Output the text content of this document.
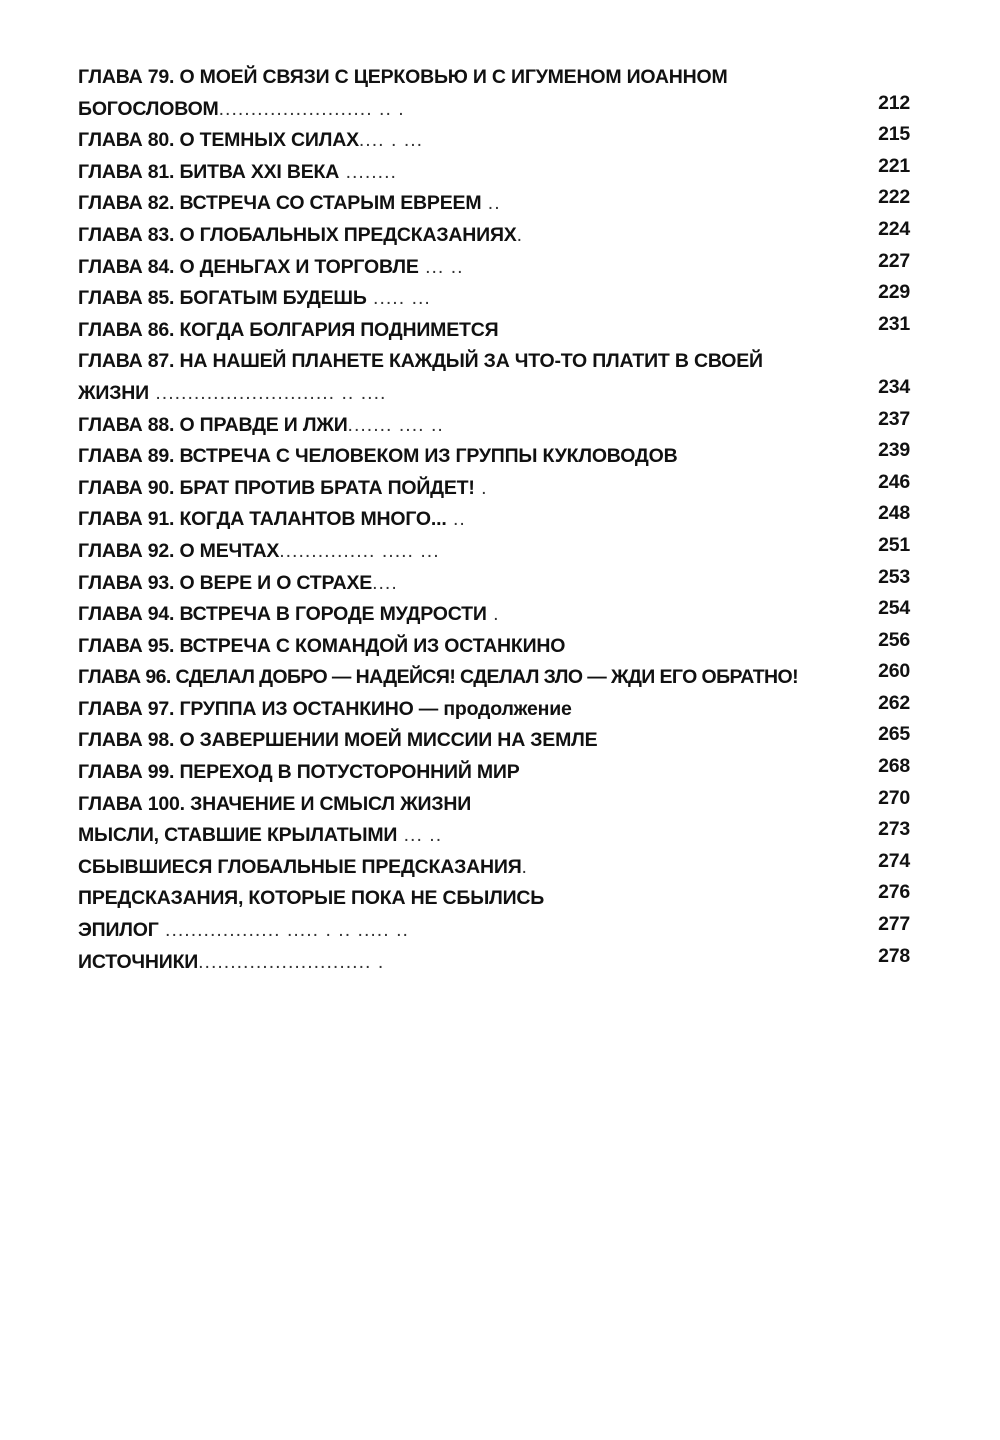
ГЛАВА 79. О МОЕЙ СВЯЗИ С ЦЕРКОВЬЮ И С ИГУМЕНОМ ИОАННОМ
БОГОСЛОВОМ........................ .. .	212
ГЛАВА 80. О ТЕМНЫХ СИЛАХ.... . ...	215
ГЛАВА 81. БИТВА XXI ВЕКА ........	221
ГЛАВА 82. ВСТРЕЧА СО СТАРЫМ ЕВРЕЕМ ..	222
ГЛАВА 83. О ГЛОБАЛЬНЫХ ПРЕДСКАЗАНИЯХ.	224
ГЛАВА 84. О ДЕНЬГАХ И ТОРГОВЛЕ ... ..	227
ГЛАВА 85. БОГАТЫМ БУДЕШЬ ..... ...	229
ГЛАВА 86. КОГДА БОЛГАРИЯ ПОДНИМЕТСЯ	231
ГЛАВА 87. НА НАШЕЙ ПЛАНЕТЕ КАЖДЫЙ ЗА ЧТО-ТО ПЛАТИТ В СВОЕЙ
ЖИЗНИ ............................ .. ....	234
ГЛАВА 88. О ПРАВДЕ И ЛЖИ....... .... ..	237
ГЛАВА 89. ВСТРЕЧА С ЧЕЛОВЕКОМ ИЗ ГРУППЫ КУКЛОВОДОВ	239
ГЛАВА 90. БРАТ ПРОТИВ БРАТА ПОЙДЕТ! .	246
ГЛАВА 91. КОГДА ТАЛАНТОВ МНОГО... ..	248
ГЛАВА 92. О МЕЧТАХ............... ..... ...	251
ГЛАВА 93. О ВЕРЕ И О СТРАХЕ....	253
ГЛАВА 94. ВСТРЕЧА В ГОРОДЕ МУДРОСТИ .	254
ГЛАВА 95. ВСТРЕЧА С КОМАНДОЙ ИЗ ОСТАНКИНО	256
ГЛАВА 96. СДЕЛАЛ ДОБРО — НАДЕЙСЯ! СДЕЛАЛ ЗЛО — ЖДИ ЕГО ОБРАТНО!	260
ГЛАВА 97. ГРУППА ИЗ ОСТАНКИНО — продолжение	262
ГЛАВА 98. О ЗАВЕРШЕНИИ МОЕЙ МИССИИ НА ЗЕМЛЕ	265
ГЛАВА 99. ПЕРЕХОД В ПОТУСТОРОННИЙ МИР	268
ГЛАВА 100. ЗНАЧЕНИЕ И СМЫСЛ ЖИЗНИ	270
МЫСЛИ, СТАВШИЕ КРЫЛАТЫМИ ... ..	273
СБЫВШИЕСЯ ГЛОБАЛЬНЫЕ ПРЕДСКАЗАНИЯ.	274
ПРЕДСКАЗАНИЯ, КОТОРЫЕ ПОКА НЕ СБЫЛИСЬ	276
ЭПИЛОГ .................. ..... . .. ..... ..	277
ИСТОЧНИКИ........................... .	278
